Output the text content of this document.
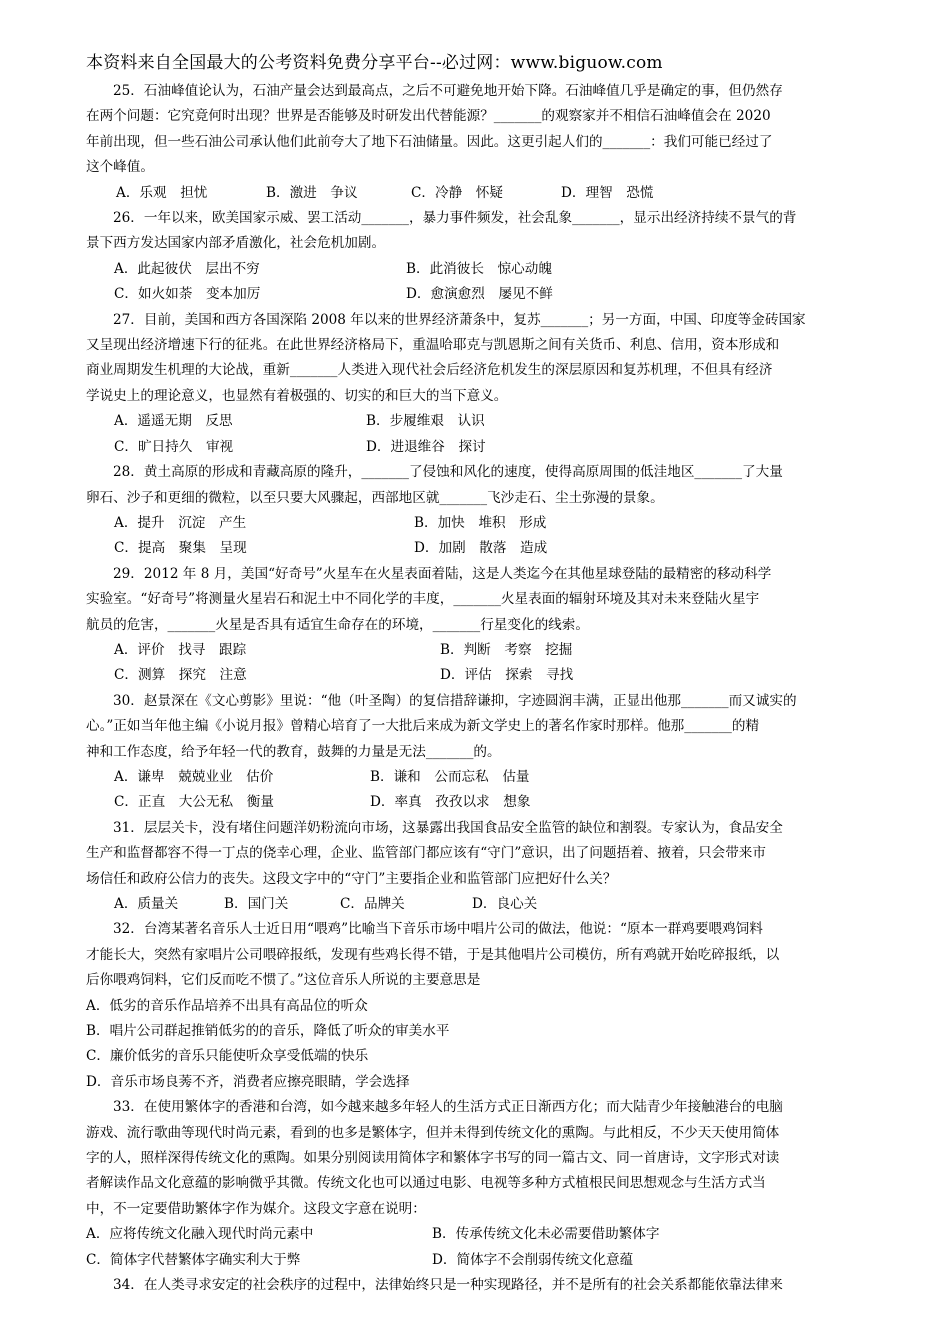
本资料来自全国最大的公考资料免费分享平台--必过网：www.biguow.com
25．石油峰值论认为，石油产量会达到最高点，之后不可避免地开始下降。石油峰值几乎是确定的事，但仍然存
在两个问题：它究竟何时出现？世界是否能够及时研发出代替能源？_______的观察家并不相信石油峰值会在 2020
年前出现，但一些石油公司承认他们此前夸大了地下石油储量。因此。这更引起人们的_______：我们可能已经过了
这个峰值。
A．乐观　担忧	B．激进　争议	C．冷静　怀疑	D．理智　恐慌
26．一年以来，欧美国家示威、罢工活动_______，暴力事件频发，社会乱象_______，显示出经济持续不景气的背
景下西方发达国家内部矛盾激化，社会危机加剧。
A．此起彼伏　层出不穷	B．此消彼长　惊心动魄
C．如火如荼　变本加厉	D．愈演愈烈　屡见不鲜
27．目前，美国和西方各国深陷 2008 年以来的世界经济萧条中，复苏_______；另一方面，中国、印度等金砖国家
又呈现出经济增速下行的征兆。在此世界经济格局下，重温哈耶克与凯恩斯之间有关货币、利息、信用，资本形成和
商业周期发生机理的大论战，重新_______人类进入现代社会后经济危机发生的深层原因和复苏机理，不但具有经济
学说史上的理论意义，也显然有着极强的、切实的和巨大的当下意义。
A．遥遥无期　反思	B．步履维艰　认识
C．旷日持久　审视	D．进退维谷　探讨
28．黄土高原的形成和青藏高原的隆升，_______了侵蚀和风化的速度，使得高原周围的低洼地区_______了大量
卵石、沙子和更细的微粒，以至只要大风骤起，西部地区就_______飞沙走石、尘土弥漫的景象。
A．提升　沉淀　产生	B．加快　堆积　形成
C．提高　聚集　呈现	D．加剧　散落　造成
29．2012 年 8 月，美国“好奇号”火星车在火星表面着陆，这是人类迄今在其他星球登陆的最精密的移动科学
实验室。“好奇号”将测量火星岩石和泥土中不同化学的丰度，_______火星表面的辐射环境及其对未来登陆火星宇
航员的危害，_______火星是否具有适宜生命存在的环境，_______行星变化的线索。
A．评价　找寻　跟踪	B．判断　考察　挖掘
C．测算　探究　注意	D．评估　探索　寻找
30．赵景深在《文心剪影》里说：“他（叶圣陶）的复信措辞谦抑，字迹圆润丰满，正显出他那_______而又诚实的
心。”正如当年他主编《小说月报》曾精心培育了一大批后来成为新文学史上的著名作家时那样。他那_______的精
神和工作态度，给予年轻一代的教育，鼓舞的力量是无法_______的。
A．谦卑　兢兢业业　估价	B．谦和　公而忘私　估量
C．正直　大公无私　衡量	D．率真　孜孜以求　想象
31．层层关卡，没有堵住问题洋奶粉流向市场，这暴露出我国食品安全监管的缺位和割裂。专家认为，食品安全
生产和监督都容不得一丁点的侥幸心理，企业、监管部门都应该有“守门”意识，出了问题捂着、掖着，只会带来市
场信任和政府公信力的丧失。这段文字中的“守门”主要指企业和监管部门应把好什么关？
A．质量关	B．国门关	C．品牌关	D．良心关
32．台湾某著名音乐人士近日用“喂鸡”比喻当下音乐市场中唱片公司的做法，他说：“原本一群鸡要喂鸡饲料
才能长大，突然有家唱片公司喂碎报纸，发现有些鸡长得不错，于是其他唱片公司模仿，所有鸡就开始吃碎报纸，以
后你喂鸡饲料，它们反而吃不惯了。”这位音乐人所说的主要意思是
A．低劣的音乐作品培养不出具有高品位的听众
B．唱片公司群起推销低劣的的音乐，降低了听众的审美水平
C．廉价低劣的音乐只能使听众享受低端的快乐
D．音乐市场良莠不齐，消费者应擦亮眼睛，学会选择
33．在使用繁体字的香港和台湾，如今越来越多年轻人的生活方式正日渐西方化；而大陆青少年接触港台的电脑
游戏、流行歌曲等现代时尚元素，看到的也多是繁体字，但并未得到传统文化的熏陶。与此相反，不少天天使用简体
字的人，照样深得传统文化的熏陶。如果分别阅读用简体字和繁体字书写的同一篇古文、同一首唐诗，文字形式对读
者解读作品文化意蕴的影响微乎其微。传统文化也可以通过电影、电视等多种方式植根民间思想观念与生活方式当
中，不一定要借助繁体字作为媒介。这段文字意在说明：
A．应将传统文化融入现代时尚元素中	B．传承传统文化未必需要借助繁体字
C．简体字代替繁体字确实利大于弊	D．简体字不会削弱传统文化意蕴
34．在人类寻求安定的社会秩序的过程中，法律始终只是一种实现路径，并不是所有的社会关系都能依靠法律来
